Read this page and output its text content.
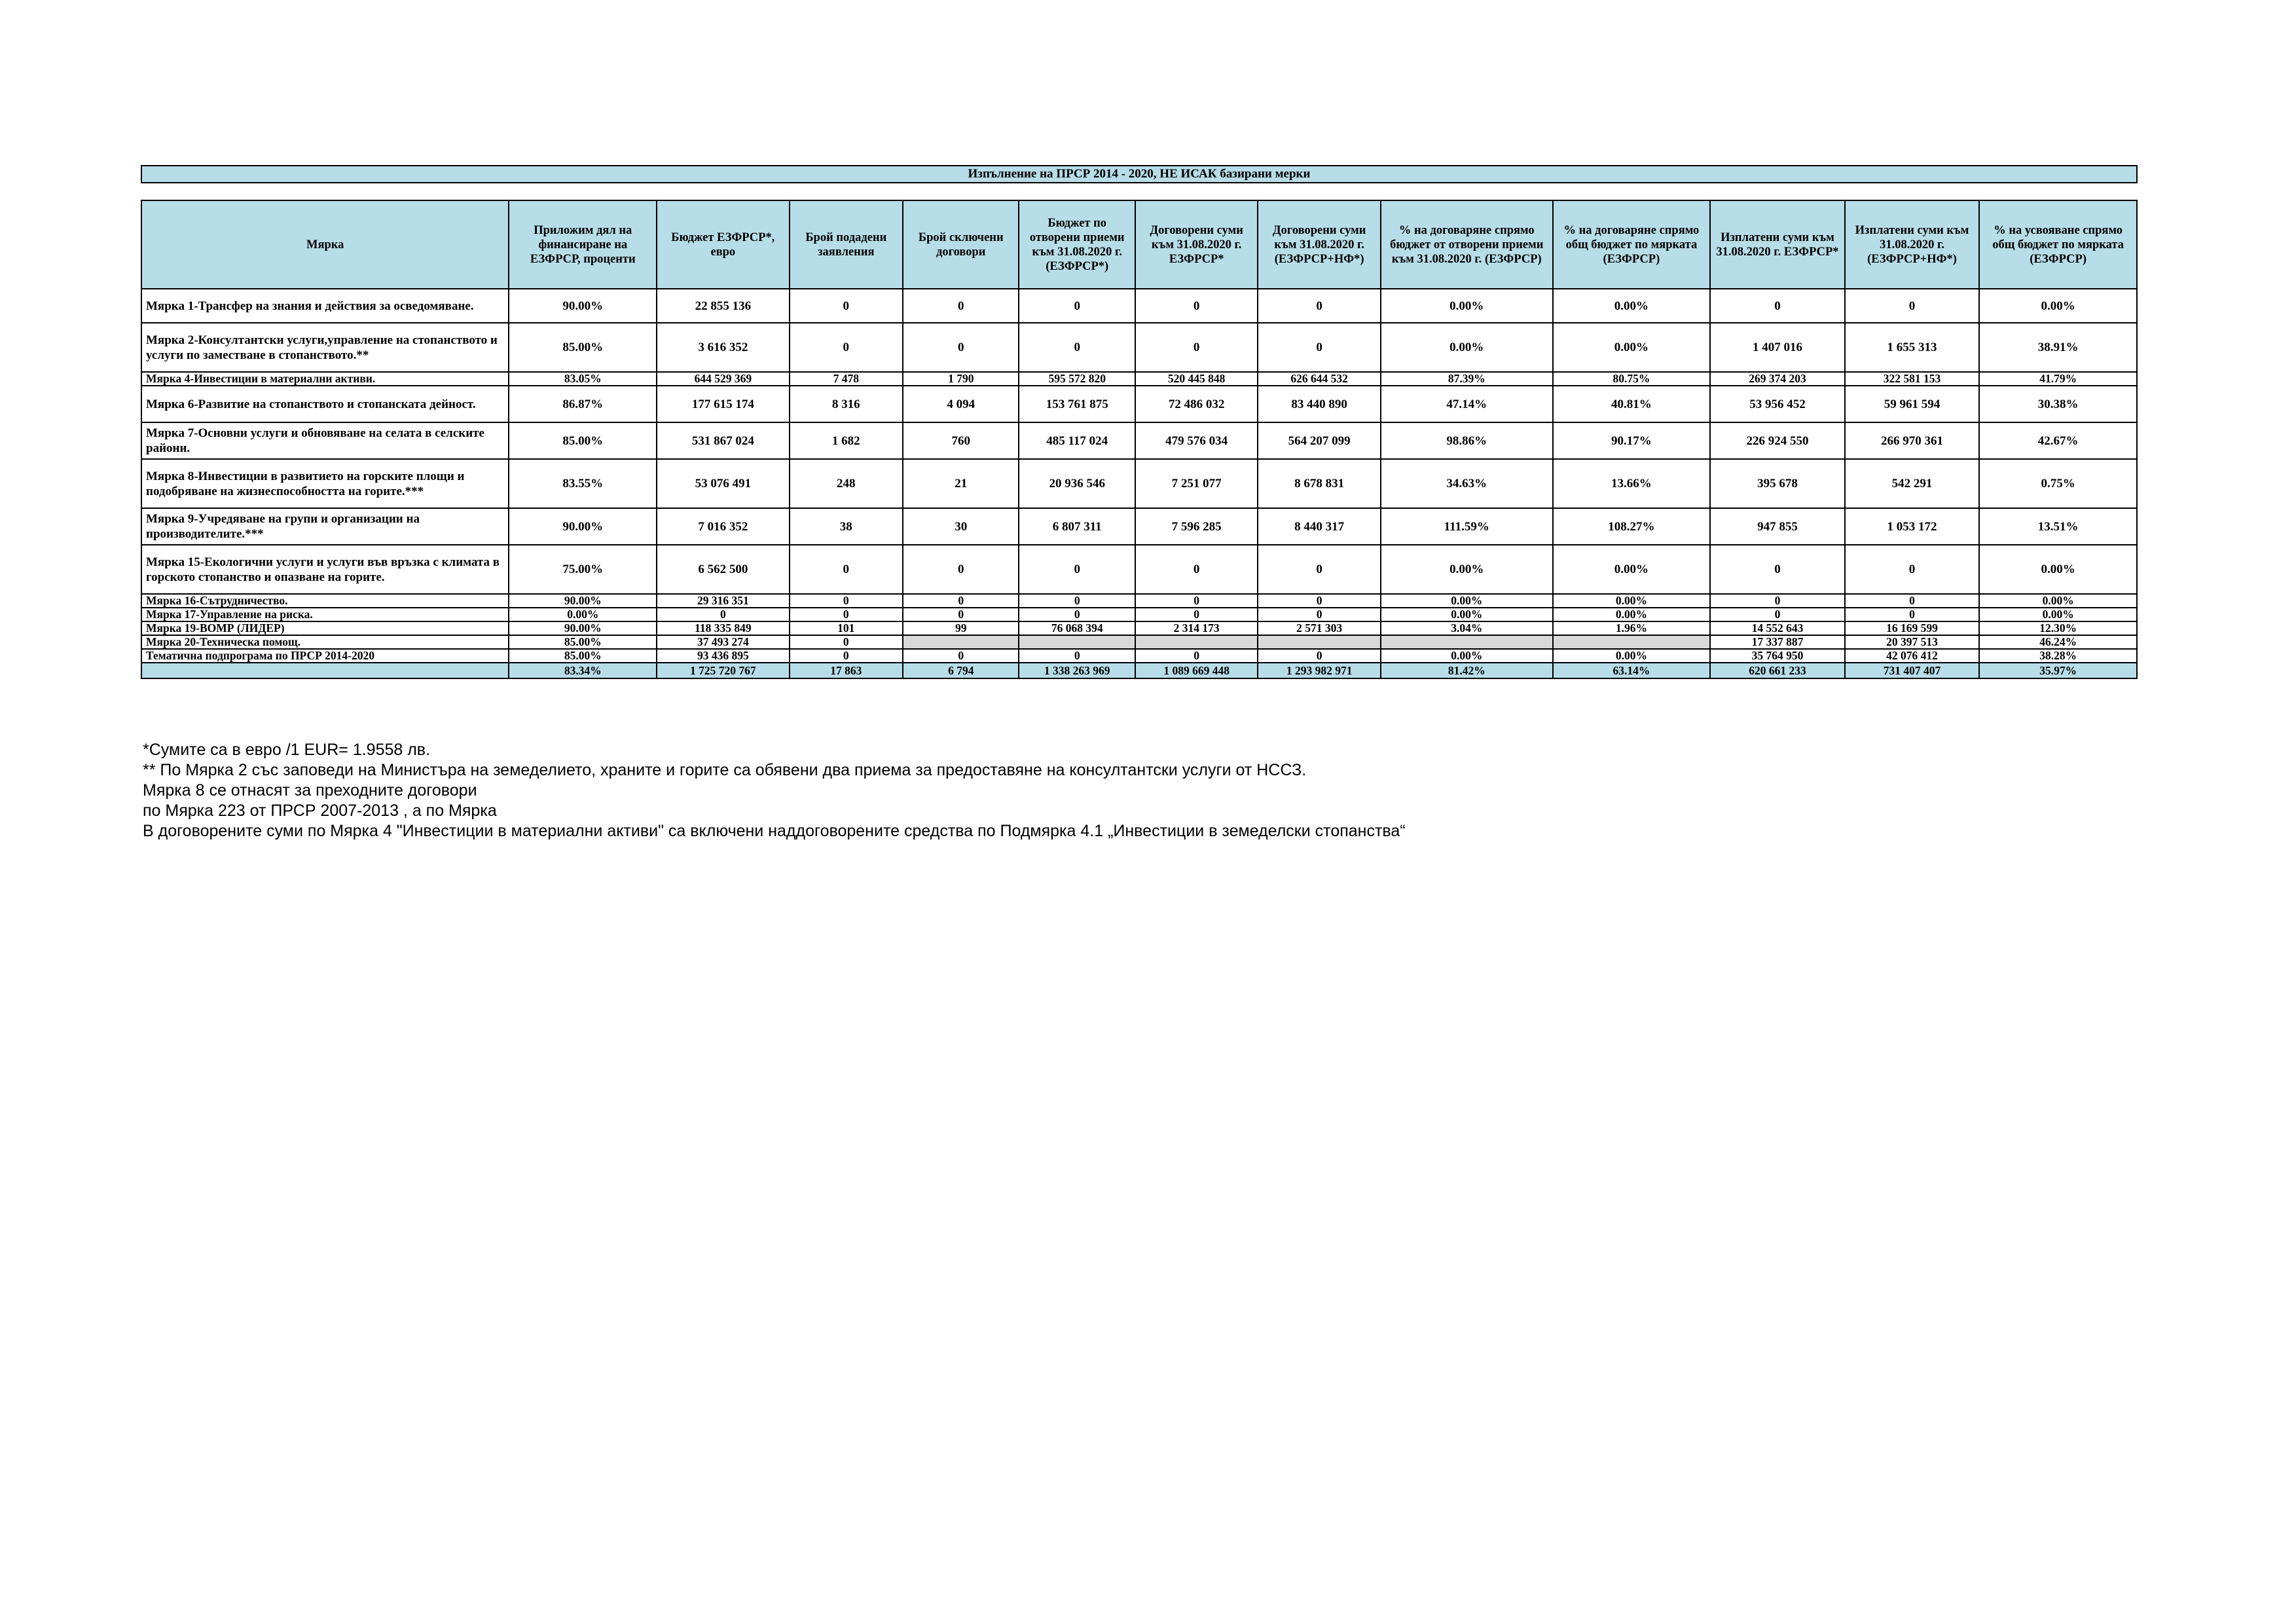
Изпълнение на ПРСР 2014 - 2020, НЕ ИСАК базирани мерки
Мярка	Приложим дял на финансиране на ЕЗФРСР, проценти	Бюджет ЕЗФРСР*, евро	Брой подадени заявления	Брой сключени договори	Бюджет по отворени приеми към 31.08.2020 г. (ЕЗФРСР*)	Договорени суми към 31.08.2020 г. ЕЗФРСР*	Договорени суми към 31.08.2020 г. (ЕЗФРСР+НФ*)	% на договаряне спрямо бюджет от отворени приеми към 31.08.2020 г. (ЕЗФРСР)	% на договаряне спрямо общ бюджет по мярката (ЕЗФРСР)	Изплатени суми към 31.08.2020 г. ЕЗФРСР*	Изплатени суми към 31.08.2020 г. (ЕЗФРСР+НФ*)	% на усвояване спрямо общ бюджет по мярката (ЕЗФРСР)
Мярка 1-Трансфер на знания и действия за осведомяване.	90.00%	22 855 136	0	0	0	0	0	0.00%	0.00%	0	0	0.00%
Мярка 2-Консултантски услуги,управление на стопанството и услуги по заместване в стопанството.**	85.00%	3 616 352	0	0	0	0	0	0.00%	0.00%	1 407 016	1 655 313	38.91%
Мярка 4-Инвестиции в материални активи.	83.05%	644 529 369	7 478	1 790	595 572 820	520 445 848	626 644 532	87.39%	80.75%	269 374 203	322 581 153	41.79%
Мярка 6-Развитие на стопанството и стопанската дейност.	86.87%	177 615 174	8 316	4 094	153 761 875	72 486 032	83 440 890	47.14%	40.81%	53 956 452	59 961 594	30.38%
Мярка 7-Основни услуги и обновяване на селата в селските райони.	85.00%	531 867 024	1 682	760	485 117 024	479 576 034	564 207 099	98.86%	90.17%	226 924 550	266 970 361	42.67%
Мярка 8-Инвестиции в развитието на горските площи и подобряване на жизнеспособността на горите.***	83.55%	53 076 491	248	21	20 936 546	7 251 077	8 678 831	34.63%	13.66%	395 678	542 291	0.75%
Мярка 9-Учредяване на групи и организации на производителите.***	90.00%	7 016 352	38	30	6 807 311	7 596 285	8 440 317	111.59%	108.27%	947 855	1 053 172	13.51%
Мярка 15-Екологични услуги и услуги във връзка с климата в горското стопанство и опазване на горите.	75.00%	6 562 500	0	0	0	0	0	0.00%	0.00%	0	0	0.00%
Мярка 16-Сътрудничество.	90.00%	29 316 351	0	0	0	0	0	0.00%	0.00%	0	0	0.00%
Мярка 17-Управление на риска.	0.00%	0	0	0	0	0	0	0.00%	0.00%	0	0	0.00%
Мярка 19-ВОМР (ЛИДЕР)	90.00%	118 335 849	101	99	76 068 394	2 314 173	2 571 303	3.04%	1.96%	14 552 643	16 169 599	12.30%
Мярка 20-Техническа помощ.	85.00%	37 493 274	0							17 337 887	20 397 513	46.24%
Тематична подпрограма по ПРСР 2014-2020	85.00%	93 436 895	0	0	0	0	0	0.00%	0.00%	35 764 950	42 076 412	38.28%
	83.34%	1 725 720 767	17 863	6 794	1 338 263 969	1 089 669 448	1 293 982 971	81.42%	63.14%	620 661 233	731 407 407	35.97%
*Сумите са в евро /1 EUR= 1.9558 лв.
** По Мярка 2 със заповеди на Министъра на земеделието, храните и горите са обявени два приема за предоставяне на консултантски услуги от НССЗ.
Мярка 8 се отнасят за преходните договори
по Мярка 223 от ПРСР 2007-2013 , а по Мярка
В договорените суми по Мярка 4 "Инвестиции в материални активи" са включени наддоговорените средства по Подмярка 4.1 „Инвестиции в земеделски стопанства“
